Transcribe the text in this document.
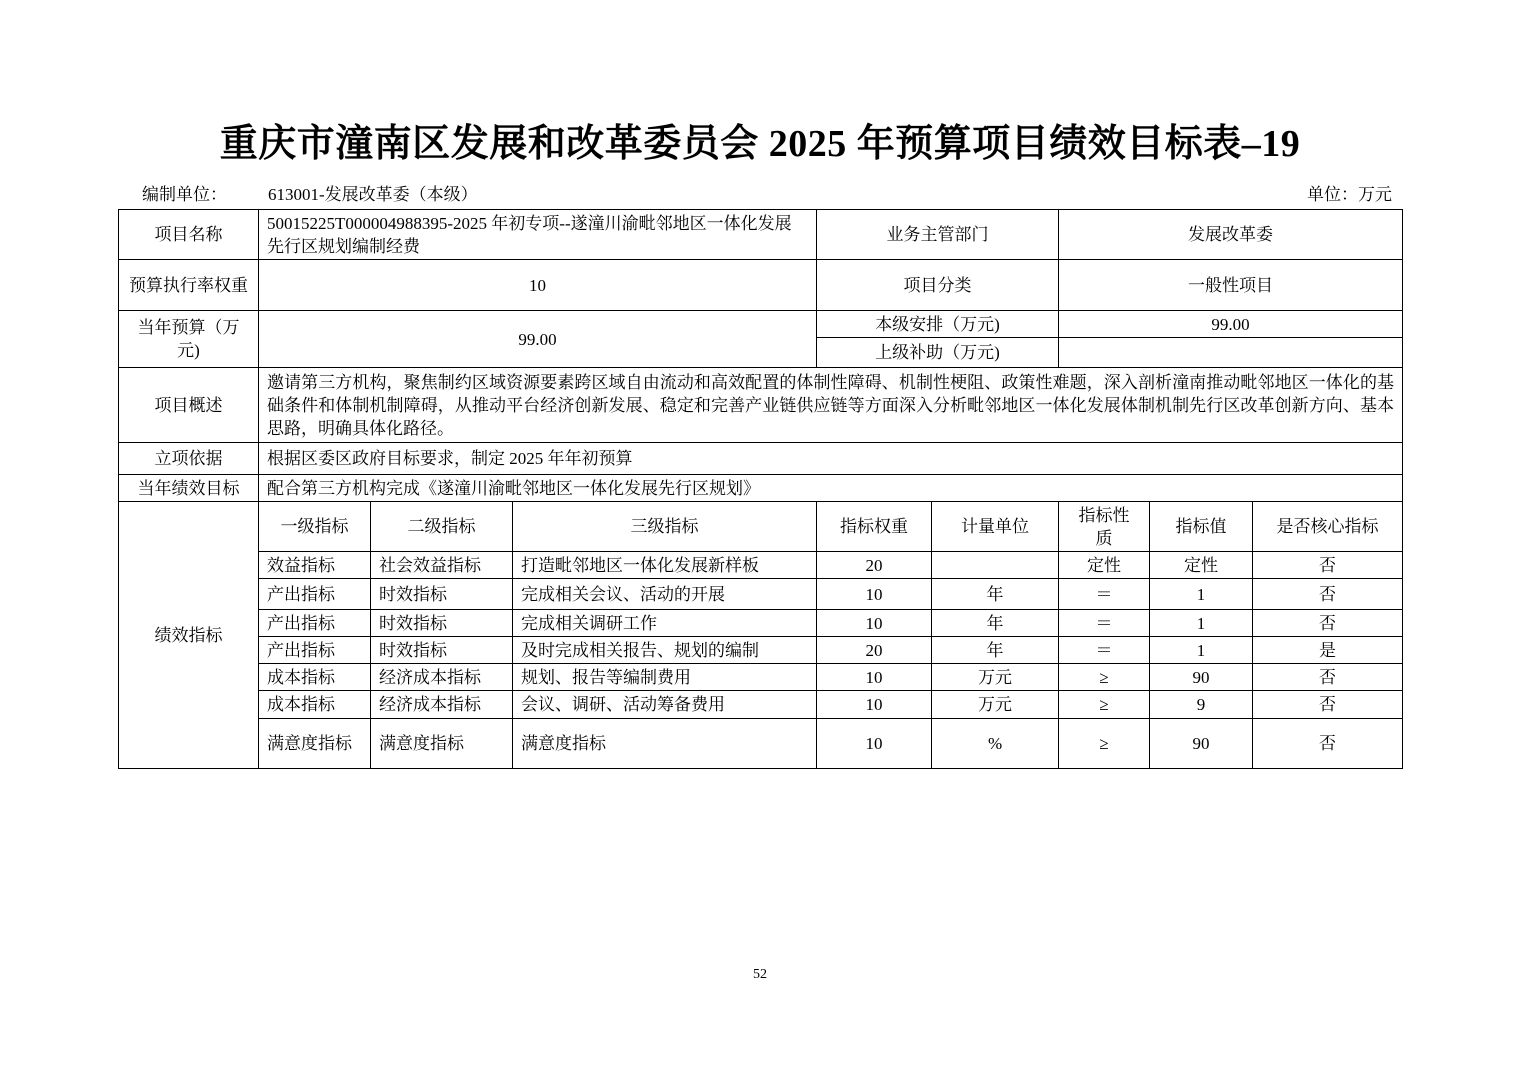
重庆市潼南区发展和改革委员会 2025 年预算项目绩效目标表–19
编制单位： 613001-发展改革委（本级）	单位：万元
项目名称	50015225T000004988395-2025 年初专项--遂潼川渝毗邻地区一体化发展先行区规划编制经费			业务主管部门		发展改革委		
预算执行率权重	10			项目分类		一般性项目		
当年预算（万元)	99.00			本级安排（万元)		99.00		
				上级补助（万元)				
项目概述	邀请第三方机构，聚焦制约区域资源要素跨区域自由流动和高效配置的体制性障碍、机制性梗阻、政策性难题，深入剖析潼南推动毗邻地区一体化的基础条件和体制机制障碍，从推动平台经济创新发展、稳定和完善产业链供应链等方面深入分析毗邻地区一体化发展体制机制先行区改革创新方向、基本思路，明确具体化路径。							
立项依据	根据区委区政府目标要求，制定 2025 年年初预算							
当年绩效目标	配合第三方机构完成《遂潼川渝毗邻地区一体化发展先行区规划》							
绩效指标	一级指标	二级指标	三级指标	指标权重	计量单位	指标性质	指标值	是否核心指标
	效益指标	社会效益指标	打造毗邻地区一体化发展新样板	20		定性	定性	否
	产出指标	时效指标	完成相关会议、活动的开展	10	年	＝	1	否
	产出指标	时效指标	完成相关调研工作	10	年	＝	1	否
	产出指标	时效指标	及时完成相关报告、规划的编制	20	年	＝	1	是
	成本指标	经济成本指标	规划、报告等编制费用	10	万元	≥	90	否
	成本指标	经济成本指标	会议、调研、活动筹备费用	10	万元	≥	9	否
	满意度指标	满意度指标	满意度指标	10	%	≥	90	否
52
